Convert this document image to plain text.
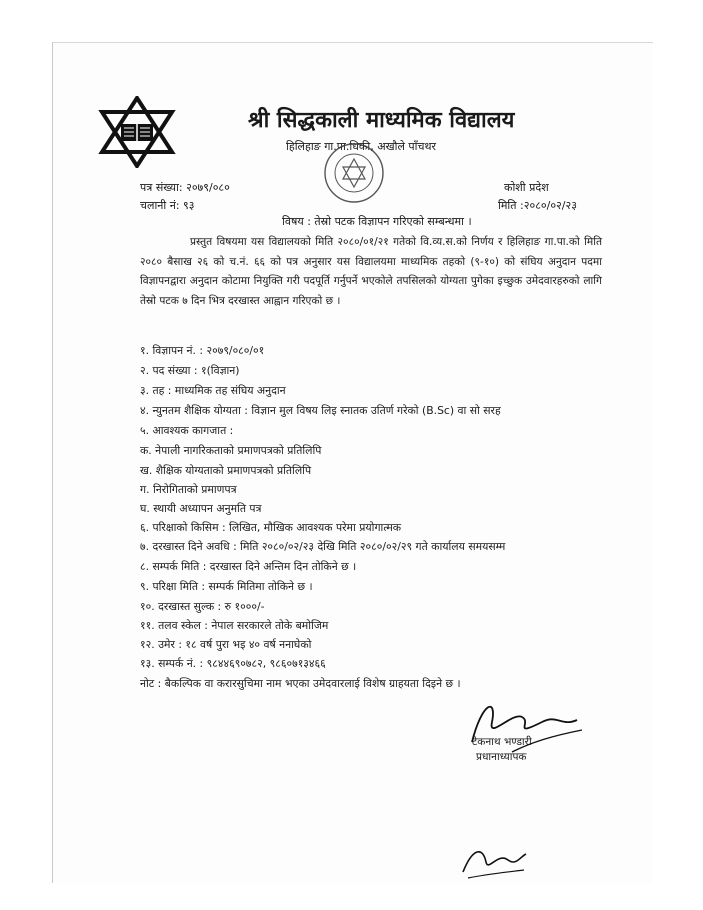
श्री सिद्धकाली माध्यमिक विद्यालय
हिलिहाङ गा.पा.धिकी, अखौले पाँचथर
पत्र संख्या: २०७९/०८०
चलानी नं: ९३
कोशी प्रदेश
मिति :२०८०/०२/२३
विषय : तेस्रो पटक विज्ञापन गरिएको सम्बन्धमा ।
प्रस्तुत विषयमा यस विद्यालयको मिति २०८०/०१/२१ गतेको वि.व्य.स.को निर्णय र हिलिहाङ गा.पा.को मिति २०८० बैसाख २६ को च.नं. ६६ को पत्र अनुसार यस विद्यालयमा माध्यमिक तहको (९-१०) को संघिय अनुदान पदमा विज्ञापनद्वारा अनुदान कोटामा नियुक्ति गरी पदपूर्ति गर्नुपर्ने भएकोले तपसिलको योग्यता पुगेका इच्छुक उमेदवारहरुको लागि तेस्रो पटक ७ दिन भित्र दरखास्त आह्वान गरिएको छ ।
१. विज्ञापन नं. : २०७९/०८०/०१
२. पद संख्या : १(विज्ञान)
३. तह : माध्यमिक तह संघिय अनुदान
४. न्युनतम शैक्षिक योग्यता : विज्ञान मुल विषय लिइ स्नातक उतिर्ण गरेको (B.Sc) वा सो सरह
५. आवश्यक कागजात :
क. नेपाली नागरिकताको प्रमाणपत्रको प्रतिलिपि
ख. शैक्षिक योग्यताको प्रमाणपत्रको प्रतिलिपि
ग. निरोगिताको प्रमाणपत्र
घ. स्थायी अध्यापन अनुमति पत्र
६. परिक्षाको किसिम : लिखित, मौखिक आवश्यक परेमा प्रयोगात्मक
७. दरखास्त दिने अवधि : मिति २०८०/०२/२३ देखि मिति २०८०/०२/२९ गते कार्यालय समयसम्म
८. सम्पर्क मिति : दरखास्त दिने अन्तिम दिन तोकिने छ ।
९. परिक्षा मिति : सम्पर्क मितिमा तोकिने छ ।
१०. दरखास्त सुल्क : रु १०००/-
११. तलव स्केल : नेपाल सरकारले तोके बमोजिम
१२. उमेर : १८ वर्ष पुरा भइ ४० वर्ष ननाघेको
१३. सम्पर्क नं. : ९८४४६९०७८२, ९८६०७१३४६६
नोट : बैकल्पिक वा करारसुचिमा नाम भएका उमेदवारलाई विशेष ग्राहयता दिइने छ ।
टेकनाथ भण्डारी
प्रधानाध्यापक
